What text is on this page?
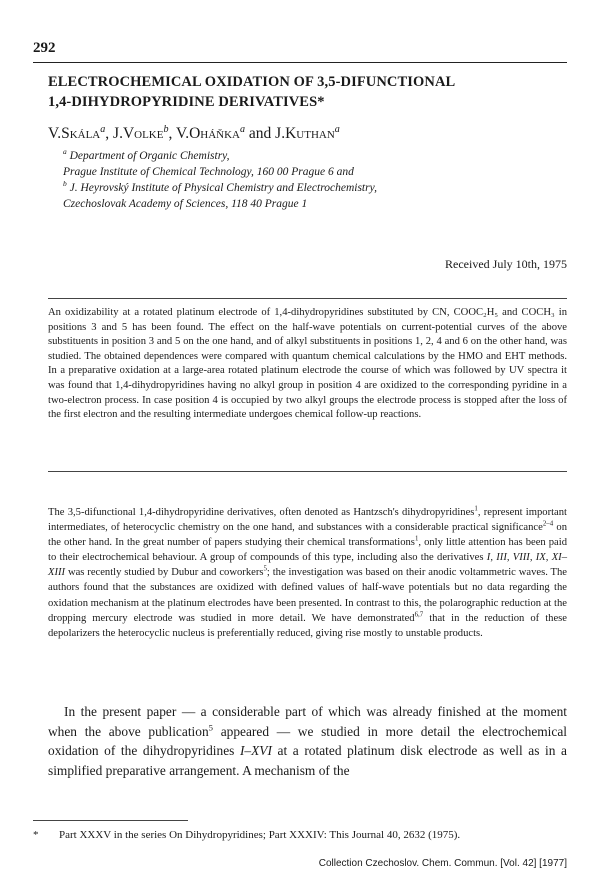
292
ELECTROCHEMICAL OXIDATION OF 3,5-DIFUNCTIONAL
1,4-DIHYDROPYRIDINE DERIVATIVES*
V.Skála$^a$, J.Volke$^b$, V.Oháňka$^a$ and J.Kuthan$^a$
$^a$ Department of Organic Chemistry,
Prague Institute of Chemical Technology, 160 00 Prague 6 and
$^b$ J. Heyrovský Institute of Physical Chemistry and Electrochemistry,
Czechoslovak Academy of Sciences, 118 40 Prague 1
Received July 10th, 1975
An oxidizability at a rotated platinum electrode of 1,4-dihydropyridines substituted by CN, COOC₂H₅ and COCH₃ in positions 3 and 5 has been found. The effect on the half-wave potentials on current-potential curves of the above substituents in position 3 and 5 on the one hand, and of alkyl substituents in positions 1, 2, 4 and 6 on the other hand, was studied. The obtained dependences were compared with quantum chemical calculations by the HMO and EHT methods. In a preparative oxidation at a large-area rotated platinum electrode the course of which was followed by UV spectra it was found that 1,4-dihydropyridines having no alkyl group in position 4 are oxidized to the corresponding pyridine in a two-electron process. In case position 4 is occupied by two alkyl groups the electrode process is stopped after the loss of the first electron and the resulting intermediate undergoes chemical follow-up reactions.
The 3,5-difunctional 1,4-dihydropyridine derivatives, often denoted as Hantzsch's dihydropyridines$^1$, represent important intermediates, of heterocyclic chemistry on the one hand, and substances with a considerable practical significance$^{2-4}$ on the other hand. In the great number of papers studying their chemical transformations$^1$, only little attention has been paid to their electrochemical behaviour. A group of compounds of this type, including also the derivatives I, III, VIII, IX, XI–XIII was recently studied by Dubur and coworkers$^5$; the investigation was based on their anodic voltammetric waves. The authors found that the substances are oxidized with defined values of half-wave potentials but no data regarding the oxidation mechanism at the platinum electrodes have been presented. In contrast to this, the polarographic reduction at the dropping mercury electrode was studied in more detail. We have demonstrated$^{6,7}$ that in the reduction of these depolarizers the heterocyclic nucleus is preferentially reduced, giving rise mostly to unstable products.
In the present paper — a considerable part of which was already finished at the moment when the above publication$^5$ appeared — we studied in more detail the electrochemical oxidation of the dihydropyridines I–XVI at a rotated platinum disk electrode as well as in a simplified preparative arrangement. A mechanism of the
* Part XXXV in the series On Dihydropyridines; Part XXXIV: This Journal 40, 2632 (1975).
Collection Czechoslov. Chem. Commun. [Vol. 42] [1977]
